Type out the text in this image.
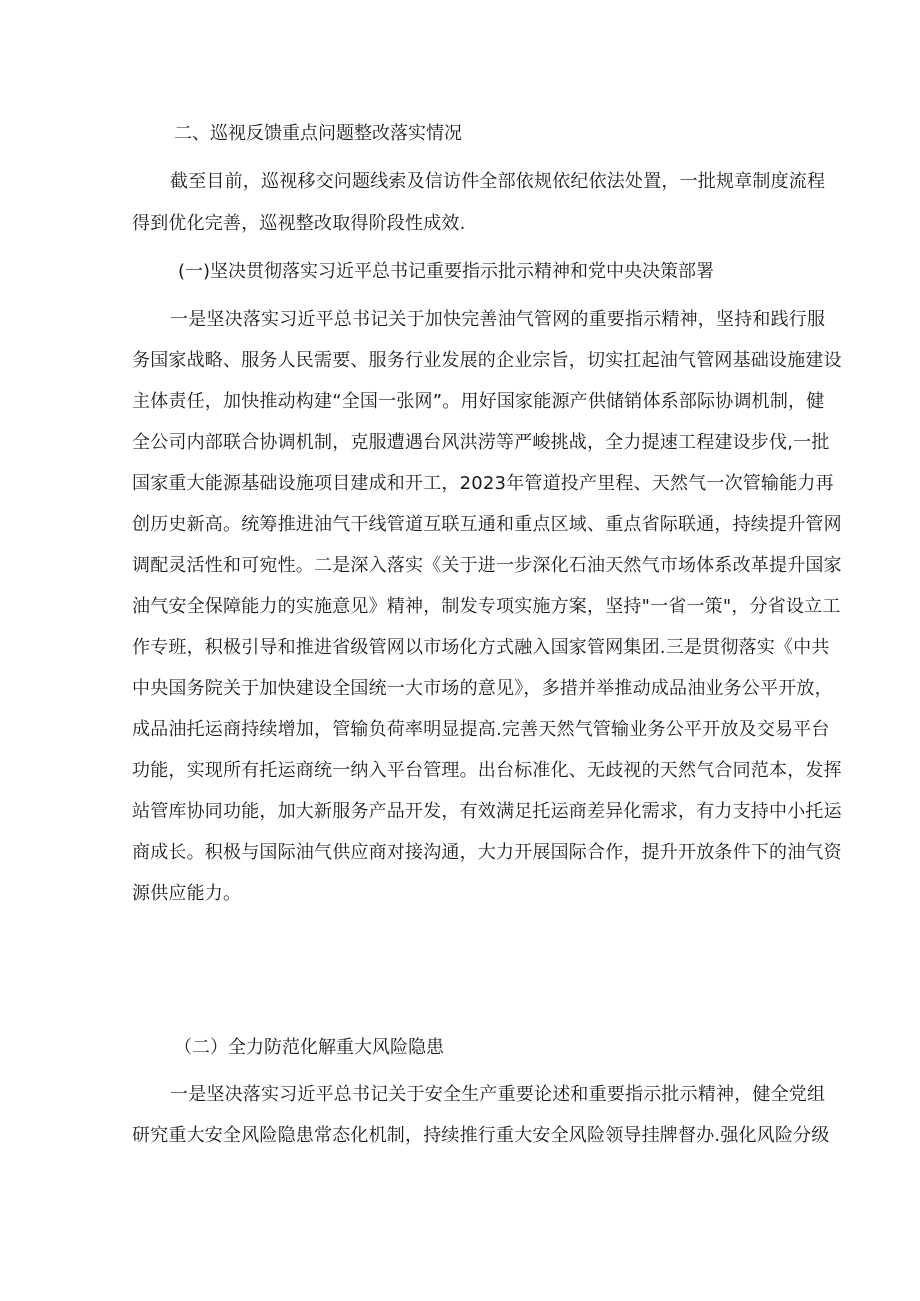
二、巡视反馈重点问题整改落实情况
截至目前，巡视移交问题线索及信访件全部依规依纪依法处置，一批规章制度流程
得到优化完善，巡视整改取得阶段性成效.
(一)坚决贯彻落实习近平总书记重要指示批示精神和党中央决策部署
一是坚决落实习近平总书记关于加快完善油气管网的重要指示精神，坚持和践行服
务国家战略、服务人民需要、服务行业发展的企业宗旨，切实扛起油气管网基础设施建设
主体责任，加快推动构建“全国一张网”。用好国家能源产供储销体系部际协调机制，健
全公司内部联合协调机制，克服遭遇台风洪涝等严峻挑战，全力提速工程建设步伐,一批
国家重大能源基础设施项目建成和开工，2023年管道投产里程、天然气一次管输能力再
创历史新高。统筹推进油气干线管道互联互通和重点区域、重点省际联通，持续提升管网
调配灵活性和可宛性。二是深入落实《关于进一步深化石油天然气市场体系改革提升国家
油气安全保障能力的实施意见》精神，制发专项实施方案，坚持"一省一策"，分省设立工
作专班，积极引导和推进省级管网以市场化方式融入国家管网集团.三是贯彻落实《中共
中央国务院关于加快建设全国统一大市场的意见》，多措并举推动成品油业务公平开放，
成品油托运商持续增加，管输负荷率明显提高.完善天然气管输业务公平开放及交易平台
功能，实现所有托运商统一纳入平台管理。出台标准化、无歧视的天然气合同范本，发挥
站管库协同功能，加大新服务产品开发，有效满足托运商差异化需求，有力支持中小托运
商成长。积极与国际油气供应商对接沟通，大力开展国际合作，提升开放条件下的油气资
源供应能力。
（二）全力防范化解重大风险隐患
一是坚决落实习近平总书记关于安全生产重要论述和重要指示批示精神，健全党组
研究重大安全风险隐患常态化机制，持续推行重大安全风险领导挂牌督办.强化风险分级
